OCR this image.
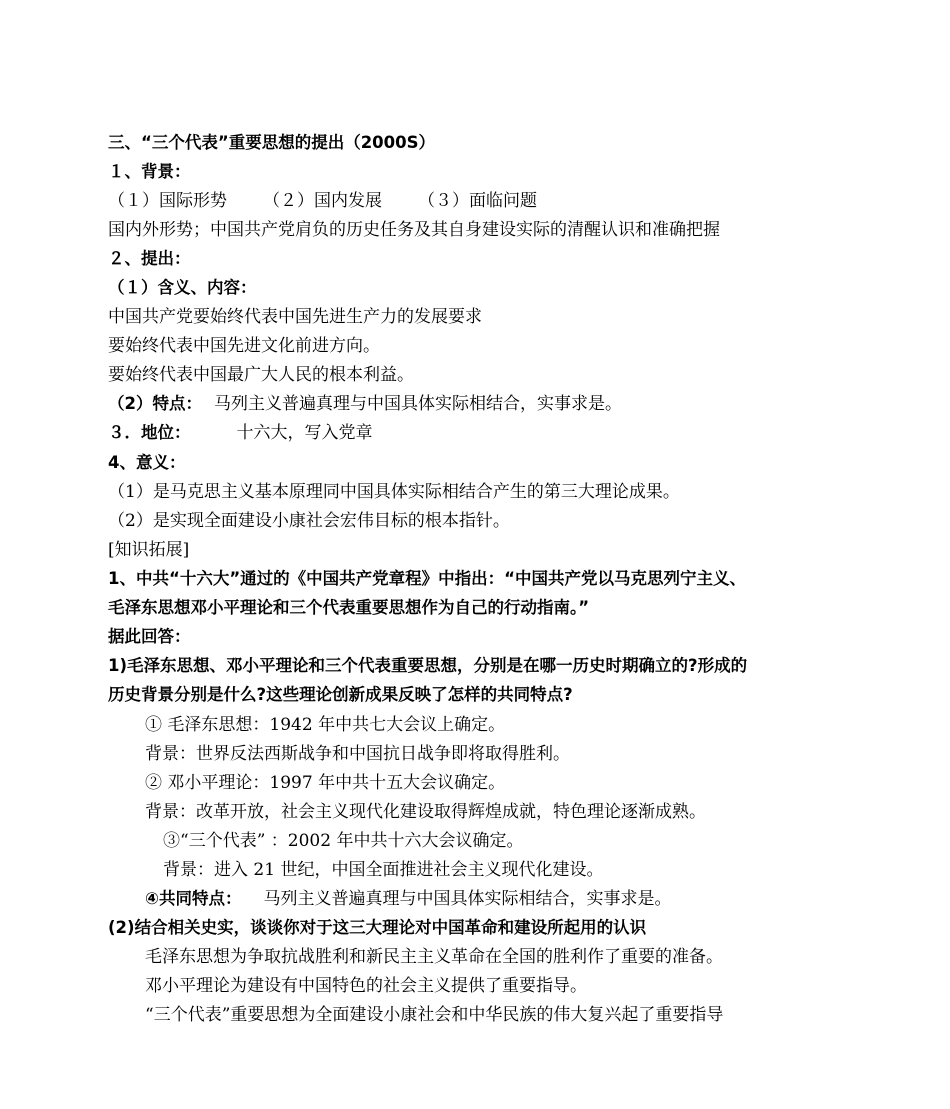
三、“三个代表”重要思想的提出（2000S）
１、背景：
（１）国际形势 （２）国内发展 （３）面临问题
国内外形势；中国共产党肩负的历史任务及其自身建设实际的清醒认识和准确把握
２、提出：
（１）含义、内容：
中国共产党要始终代表中国先进生产力的发展要求
要始终代表中国先进文化前进方向。
要始终代表中国最广大人民的根本利益。
（2）特点： 马列主义普遍真理与中国具体实际相结合，实事求是。
３．地位：	十六大，写入党章
4、意义：
（1）是马克思主义基本原理同中国具体实际相结合产生的第三大理论成果。
（2）是实现全面建设小康社会宏伟目标的根本指针。
[知识拓展]
1、中共“十六大”通过的《中国共产党章程》中指出：“中国共产党以马克思列宁主义、
毛泽东思想邓小平理论和三个代表重要思想作为自己的行动指南。”
据此回答：
1)毛泽东思想、邓小平理论和三个代表重要思想，分别是在哪一历史时期确立的?形成的
历史背景分别是什么?这些理论创新成果反映了怎样的共同特点?
① 毛泽东思想：1942 年中共七大会议上确定。
背景：世界反法西斯战争和中国抗日战争即将取得胜利。
② 邓小平理论：1997 年中共十五大会议确定。
背景：改革开放，社会主义现代化建设取得辉煌成就，特色理论逐渐成熟。
③“三个代表” ：2002 年中共十六大会议确定。
背景：进入 21 世纪，中国全面推进社会主义现代化建设。
④共同特点： 马列主义普遍真理与中国具体实际相结合，实事求是。
(2)结合相关史实，谈谈你对于这三大理论对中国革命和建设所起用的认识
毛泽东思想为争取抗战胜利和新民主主义革命在全国的胜利作了重要的准备。
邓小平理论为建设有中国特色的社会主义提供了重要指导。
“三个代表”重要思想为全面建设小康社会和中华民族的伟大复兴起了重要指导
